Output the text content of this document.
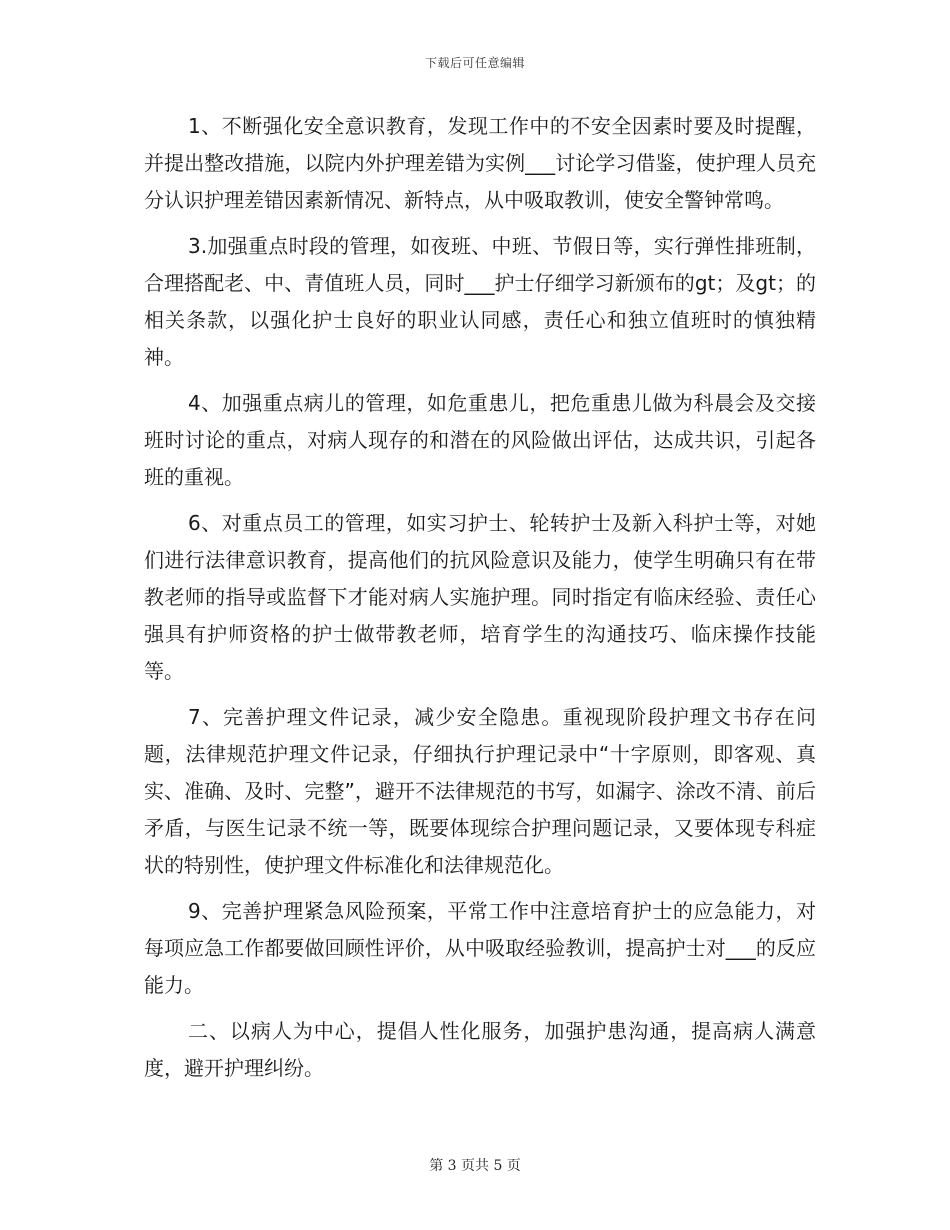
下载后可任意编辑

1、不断强化安全意识教育，发现工作中的不安全因素时要及时提醒，并提出整改措施，以院内外护理差错为实例___讨论学习借鉴，使护理人员充分认识护理差错因素新情况、新特点，从中吸取教训，使安全警钟常鸣。

3.加强重点时段的管理，如夜班、中班、节假日等，实行弹性排班制，合理搭配老、中、青值班人员，同时___护士仔细学习新颁布的gt；及gt；的相关条款，以强化护士良好的职业认同感，责任心和独立值班时的慎独精神。

4、加强重点病儿的管理，如危重患儿，把危重患儿做为科晨会及交接班时讨论的重点，对病人现存的和潜在的风险做出评估，达成共识，引起各班的重视。

6、对重点员工的管理，如实习护士、轮转护士及新入科护士等，对她们进行法律意识教育，提高他们的抗风险意识及能力，使学生明确只有在带教老师的指导或监督下才能对病人实施护理。同时指定有临床经验、责任心强具有护师资格的护士做带教老师，培育学生的沟通技巧、临床操作技能等。

7、完善护理文件记录，减少安全隐患。重视现阶段护理文书存在问题，法律规范护理文件记录，仔细执行护理记录中“十字原则，即客观、真实、准确、及时、完整”，避开不法律规范的书写，如漏字、涂改不清、前后矛盾，与医生记录不统一等，既要体现综合护理问题记录，又要体现专科症状的特别性，使护理文件标准化和法律规范化。

9、完善护理紧急风险预案，平常工作中注意培育护士的应急能力，对每项应急工作都要做回顾性评价，从中吸取经验教训，提高护士对___的反应能力。

二、以病人为中心，提倡人性化服务，加强护患沟通，提高病人满意度，避开护理纠纷。

第 3 页共 5 页
